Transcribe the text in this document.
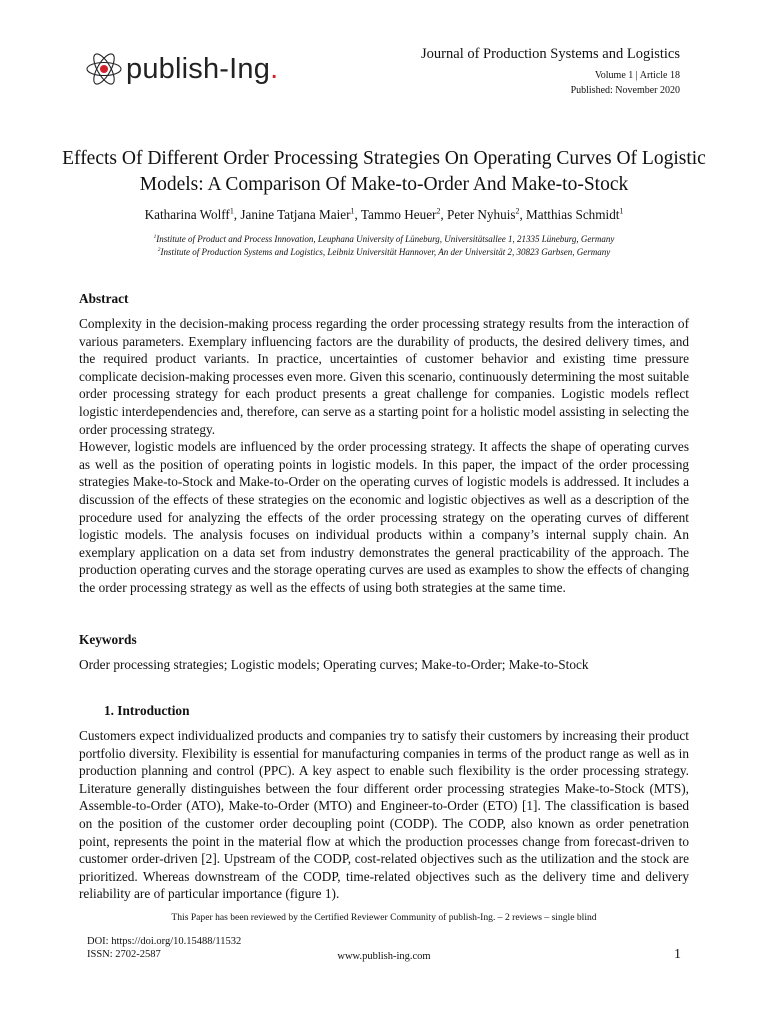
publish-Ing.	Journal of Production Systems and Logistics
Volume 1 | Article 18
Published: November 2020
Effects Of Different Order Processing Strategies On Operating Curves Of Logistic Models: A Comparison Of Make-to-Order And Make-to-Stock
Katharina Wolff$^1$, Janine Tatjana Maier$^1$, Tammo Heuer$^2$, Peter Nyhuis$^2$, Matthias Schmidt$^1$
$^1$Institute of Product and Process Innovation, Leuphana University of Lüneburg, Universitätsallee 1, 21335 Lüneburg, Germany
$^2$Institute of Production Systems and Logistics, Leibniz Universität Hannover, An der Universität 2, 30823 Garbsen, Germany
Abstract

Complexity in the decision-making process regarding the order processing strategy results from the interaction of various parameters. Exemplary influencing factors are the durability of products, the desired delivery times, and the required product variants. In practice, uncertainties of customer behavior and existing time pressure complicate decision-making processes even more. Given this scenario, continuously determining the most suitable order processing strategy for each product presents a great challenge for companies. Logistic models reflect logistic interdependencies and, therefore, can serve as a starting point for a holistic model assisting in selecting the order processing strategy.

However, logistic models are influenced by the order processing strategy. It affects the shape of operating curves as well as the position of operating points in logistic models. In this paper, the impact of the order processing strategies Make-to-Stock and Make-to-Order on the operating curves of logistic models is addressed. It includes a discussion of the effects of these strategies on the economic and logistic objectives as well as a description of the procedure used for analyzing the effects of the order processing strategy on the operating curves of different logistic models. The analysis focuses on individual products within a company’s internal supply chain. An exemplary application on a data set from industry demonstrates the general practicability of the approach. The production operating curves and the storage operating curves are used as examples to show the effects of changing the order processing strategy as well as the effects of using both strategies at the same time.

Keywords
Order processing strategies; Logistic models; Operating curves; Make-to-Order; Make-to-Stock
1. Introduction
Customers expect individualized products and companies try to satisfy their customers by increasing their product portfolio diversity. Flexibility is essential for manufacturing companies in terms of the product range as well as in production planning and control (PPC). A key aspect to enable such flexibility is the order processing strategy. Literature generally distinguishes between the four different order processing strategies Make-to-Stock (MTS), Assemble-to-Order (ATO), Make-to-Order (MTO) and Engineer-to-Order (ETO) [1]. The classification is based on the position of the customer order decoupling point (CODP). The CODP, also known as order penetration point, represents the point in the material flow at which the production processes change from forecast-driven to customer order-driven [2]. Upstream of the CODP, cost-related objectives such as the utilization and the stock are prioritized. Whereas downstream of the CODP, time-related objectives such as the delivery time and delivery reliability are of particular importance (figure 1).
This Paper has been reviewed by the Certified Reviewer Community of publish-Ing. – 2 reviews – single blind
DOI: https://doi.org/10.15488/11532
ISSN: 2702-2587	www.publish-ing.com	1
